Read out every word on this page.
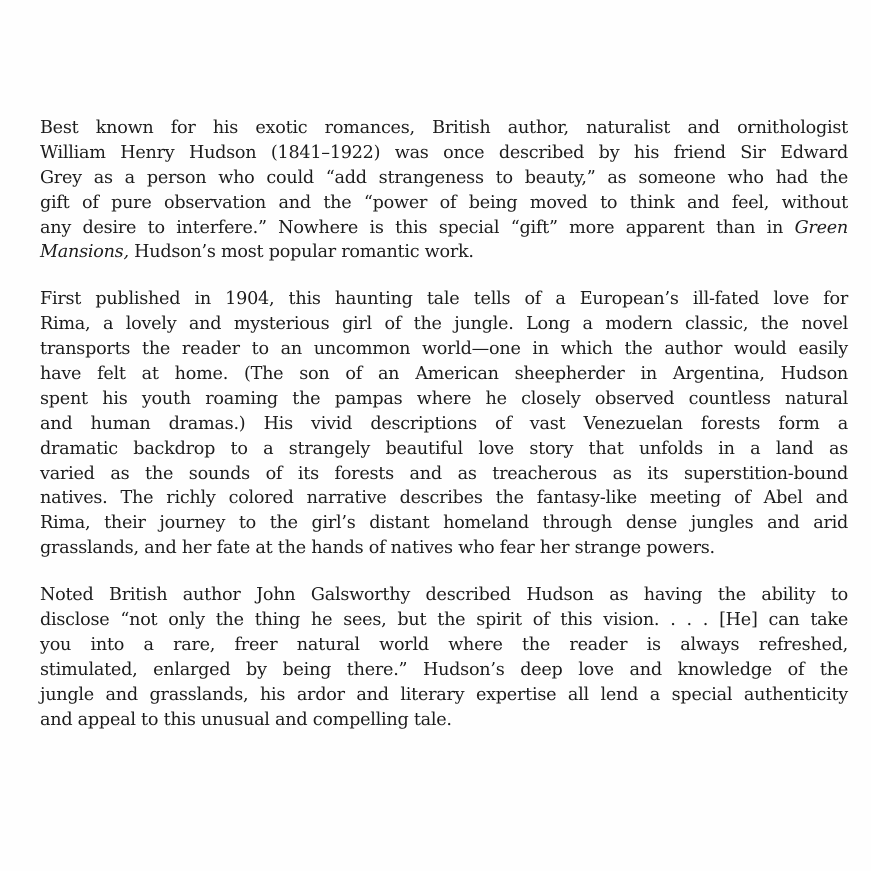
Best known for his exotic romances, British author, naturalist and ornithologist
William Henry Hudson (1841–1922) was once described by his friend Sir Edward
Grey as a person who could “add strangeness to beauty,” as someone who had the
gift of pure observation and the “power of being moved to think and feel, without
any desire to interfere.” Nowhere is this special “gift” more apparent than in Green
Mansions, Hudson’s most popular romantic work.
First published in 1904, this haunting tale tells of a European’s ill-fated love for
Rima, a lovely and mysterious girl of the jungle. Long a modern classic, the novel
transports the reader to an uncommon world—one in which the author would easily
have felt at home. (The son of an American sheepherder in Argentina, Hudson
spent his youth roaming the pampas where he closely observed countless natural
and human dramas.) His vivid descriptions of vast Venezuelan forests form a
dramatic backdrop to a strangely beautiful love story that unfolds in a land as
varied as the sounds of its forests and as treacherous as its superstition-bound
natives. The richly colored narrative describes the fantasy-like meeting of Abel and
Rima, their journey to the girl’s distant homeland through dense jungles and arid
grasslands, and her fate at the hands of natives who fear her strange powers.
Noted British author John Galsworthy described Hudson as having the ability to
disclose “not only the thing he sees, but the spirit of this vision. . . . [He] can take
you into a rare, freer natural world where the reader is always refreshed,
stimulated, enlarged by being there.” Hudson’s deep love and knowledge of the
jungle and grasslands, his ardor and literary expertise all lend a special authenticity
and appeal to this unusual and compelling tale.
